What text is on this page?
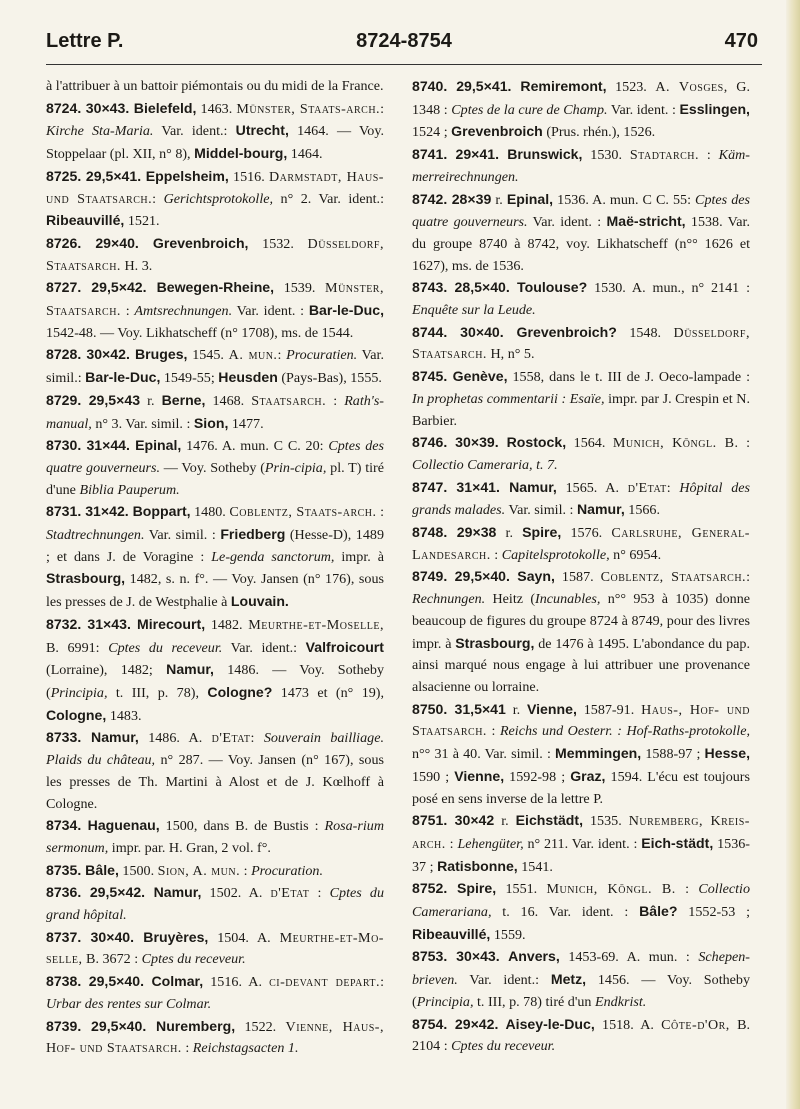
Lettre P.	8724-8754	470

à l'attribuer à un battoir piémontais ou du midi de la France.

8724. 30×43. Bielefeld, 1463. Münster, Staats-arch.: Kirche Sta-Maria. Var. ident.: Utrecht, 1464. — Voy. Stoppelaar (pl. XII, n° 8), Middel-bourg, 1464.

8725. 29,5×41. Eppelsheim, 1516. Darmstadt, Haus- und Staatsarch.: Gerichtsprotokolle, n° 2. Var. ident.: Ribeauvillé, 1521.

8726. 29×40. Grevenbroich, 1532. Düsseldorf, Staatsarch. H. 3.

8727. 29,5×42. Bewegen-Rheine, 1539. Münster, Staatsarch. : Amtsrechnungen. Var. ident. : Bar-le-Duc, 1542-48. — Voy. Likhatscheff (n° 1708), ms. de 1544.

8728. 30×42. Bruges, 1545. A. mun.: Procuratien. Var. simil.: Bar-le-Duc, 1549-55; Heusden (Pays-Bas), 1555.

8729. 29,5×43 r. Berne, 1468. Staatsarch. : Rath's-manual, n° 3. Var. simil. : Sion, 1477.

8730. 31×44. Epinal, 1476. A. mun. C C. 20: Cptes des quatre gouverneurs. — Voy. Sotheby (Prin-cipia, pl. T) tiré d'une Biblia Pauperum.

8731. 31×42. Boppart, 1480. Coblentz, Staats-arch. : Stadtrechnungen. Var. simil. : Friedberg (Hesse-D), 1489 ; et dans J. de Voragine : Le-genda sanctorum, impr. à Strasbourg, 1482, s. n. f°. — Voy. Jansen (n° 176), sous les presses de J. de Westphalie à Louvain.

8732. 31×43. Mirecourt, 1482. Meurthe-et-Moselle, B. 6991: Cptes du receveur. Var. ident.: Valfroicourt (Lorraine), 1482; Namur, 1486. — Voy. Sotheby (Principia, t. III, p. 78), Cologne? 1473 et (n° 19), Cologne, 1483.

8733. Namur, 1486. A. d'Etat: Souverain bailliage. Plaids du château, n° 287. — Voy. Jansen (n° 167), sous les presses de Th. Martini à Alost et de J. Kœlhoff à Cologne.

8734. Haguenau, 1500, dans B. de Bustis : Rosa-rium sermonum, impr. par. H. Gran, 2 vol. f°.

8735. Bâle, 1500. Sion, A. mun. : Procuration.

8736. 29,5×42. Namur, 1502. A. d'Etat : Cptes du grand hôpital.

8737. 30×40. Bruyères, 1504. A. Meurthe-et-Mo-selle, B. 3672 : Cptes du receveur.

8738. 29,5×40. Colmar, 1516. A. ci-devant depart.: Urbar des rentes sur Colmar.

8739. 29,5×40. Nuremberg, 1522. Vienne, Haus-, Hof- und Staatsarch. : Reichstagsacten 1.

8740. 29,5×41. Remiremont, 1523. A. Vosges, G. 1348 : Cptes de la cure de Champ. Var. ident. : Esslingen, 1524 ; Grevenbroich (Prus. rhén.), 1526.

8741. 29×41. Brunswick, 1530. Stadtarch. : Käm-merreirechnungen.

8742. 28×39 r. Epinal, 1536. A. mun. C C. 55: Cptes des quatre gouverneurs. Var. ident. : Maë-stricht, 1538. Var. du groupe 8740 à 8742, voy. Likhatscheff (n°° 1626 et 1627), ms. de 1536.

8743. 28,5×40. Toulouse? 1530. A. mun., n° 2141 : Enquête sur la Leude.

8744. 30×40. Grevenbroich? 1548. Düsseldorf, Staatsarch. H, n° 5.

8745. Genève, 1558, dans le t. III de J. Oeco-lampade : In prophetas commentarii : Esaïe, impr. par J. Crespin et N. Barbier.

8746. 30×39. Rostock, 1564. Munich, Kōngl. B. : Collectio Cameraria, t. 7.

8747. 31×41. Namur, 1565. A. d'Etat: Hôpital des grands malades. Var. simil. : Namur, 1566.

8748. 29×38 r. Spire, 1576. Carlsruhe, General-Landesarch. : Capitelsprotokolle, n° 6954.

8749. 29,5×40. Sayn, 1587. Coblentz, Staatsarch.: Rechnungen. Heitz (Incunables, n°° 953 à 1035) donne beaucoup de figures du groupe 8724 à 8749, pour des livres impr. à Strasbourg, de 1476 à 1495. L'abondance du pap. ainsi marqué nous engage à lui attribuer une provenance alsacienne ou lorraine.

8750. 31,5×41 r. Vienne, 1587-91. Haus-, Hof- und Staatsarch. : Reichs und Oesterr. : Hof-Raths-protokolle, n°° 31 à 40. Var. simil. : Memmingen, 1588-97 ; Hesse, 1590 ; Vienne, 1592-98 ; Graz, 1594. L'écu est toujours posé en sens inverse de la lettre P.

8751. 30×42 r. Eichstädt, 1535. Nuremberg, Kreis-arch. : Lehengüter, n° 211. Var. ident. : Eich-städt, 1536-37 ; Ratisbonne, 1541.

8752. Spire, 1551. Munich, Kōngl. B. : Collectio Camerariana, t. 16. Var. ident. : Bâle? 1552-53 ; Ribeauvillé, 1559.

8753. 30×43. Anvers, 1453-69. A. mun. : Schepen-brieven. Var. ident.: Metz, 1456. — Voy. Sotheby (Principia, t. III, p. 78) tiré d'un Endkrist.

8754. 29×42. Aisey-le-Duc, 1518. A. Côte-d'Or, B. 2104 : Cptes du receveur.
